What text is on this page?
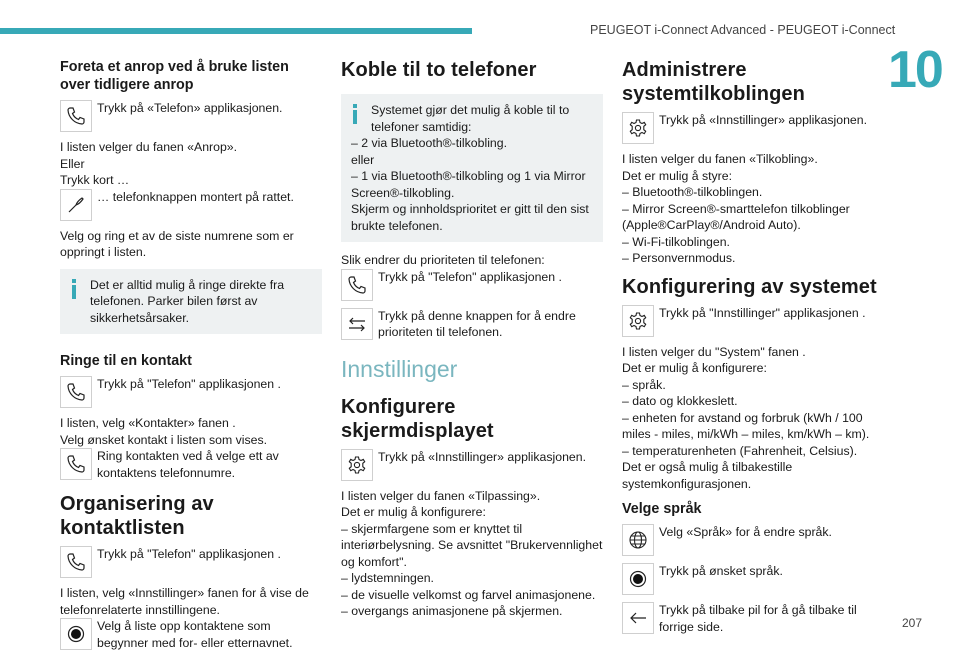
PEUGEOT i-Connect Advanced - PEUGEOT i-Connect
10
207
Foreta et anrop ved å bruke listen over tidligere anrop
Trykk på «Telefon» applikasjonen.

I listen velger du fanen «Anrop».

Eller

Trykk kort …

… telefonknappen montert på rattet.

Velg og ring et av de siste numrene som er oppringt i listen.

Det er alltid mulig å ringe direkte fra telefonen. Parker bilen først av sikkerhetsårsaker.

Ringe til en kontakt
Trykk på "Telefon" applikasjonen .

I listen, velg «Kontakter» fanen .

Velg ønsket kontakt i listen som vises.

Ring kontakten ved å velge ett av kontaktens telefonnumre.
Organisering av kontaktlisten
Trykk på "Telefon" applikasjonen .

I listen, velg «Innstillinger» fanen for å vise de telefonrelaterte innstillingene.

Velg å liste opp kontaktene som begynner med for- eller etternavnet.
Koble til to telefoner

Systemet gjør det mulig å koble til to telefoner samtidig:

– 2 via Bluetooth®-tilkobling.

eller

– 1 via Bluetooth®-tilkobling og 1 via Mirror Screen®-tilkobling.

Skjerm og innholdsprioritet er gitt til den sist brukte telefonen.

Slik endrer du prioriteten til telefonen:

Trykk på "Telefon" applikasjonen .
Trykk på denne knappen for å endre prioriteten til telefonen.
Innstillinger
Konfigurere skjermdisplayet
Trykk på «Innstillinger» applikasjonen.

I listen velger du fanen «Tilpassing».

Det er mulig å konfigurere:

– skjermfargene som er knyttet til interiørbelysning. Se avsnittet "Brukervennlighet og komfort".

– lydstemningen.

– de visuelle velkomst og farvel animasjonene.

– overgangs animasjonene på skjermen.

Administrere systemtilkoblingen
Trykk på «Innstillinger» applikasjonen.

I listen velger du fanen «Tilkobling».

Det er mulig å styre:

– Bluetooth®-tilkoblingen.

– Mirror Screen®-smarttelefon tilkoblinger (Apple®CarPlay®/Android Auto).

– Wi-Fi-tilkoblingen.

– Personvernmodus.

Konfigurering av systemet
Trykk på "Innstillinger" applikasjonen .

I listen velger du "System" fanen .

Det er mulig å konfigurere:

– språk.

– dato og klokkeslett.

– enheten for avstand og forbruk (kWh / 100 miles - miles, mi/kWh – miles, km/kWh – km).

– temperaturenheten (Fahrenheit, Celsius).

Det er også mulig å tilbakestille systemkonfigurasjonen.

Velge språk
Velg «Språk» for å endre språk.
Trykk på ønsket språk.
Trykk på tilbake pil for å gå tilbake til forrige side.
